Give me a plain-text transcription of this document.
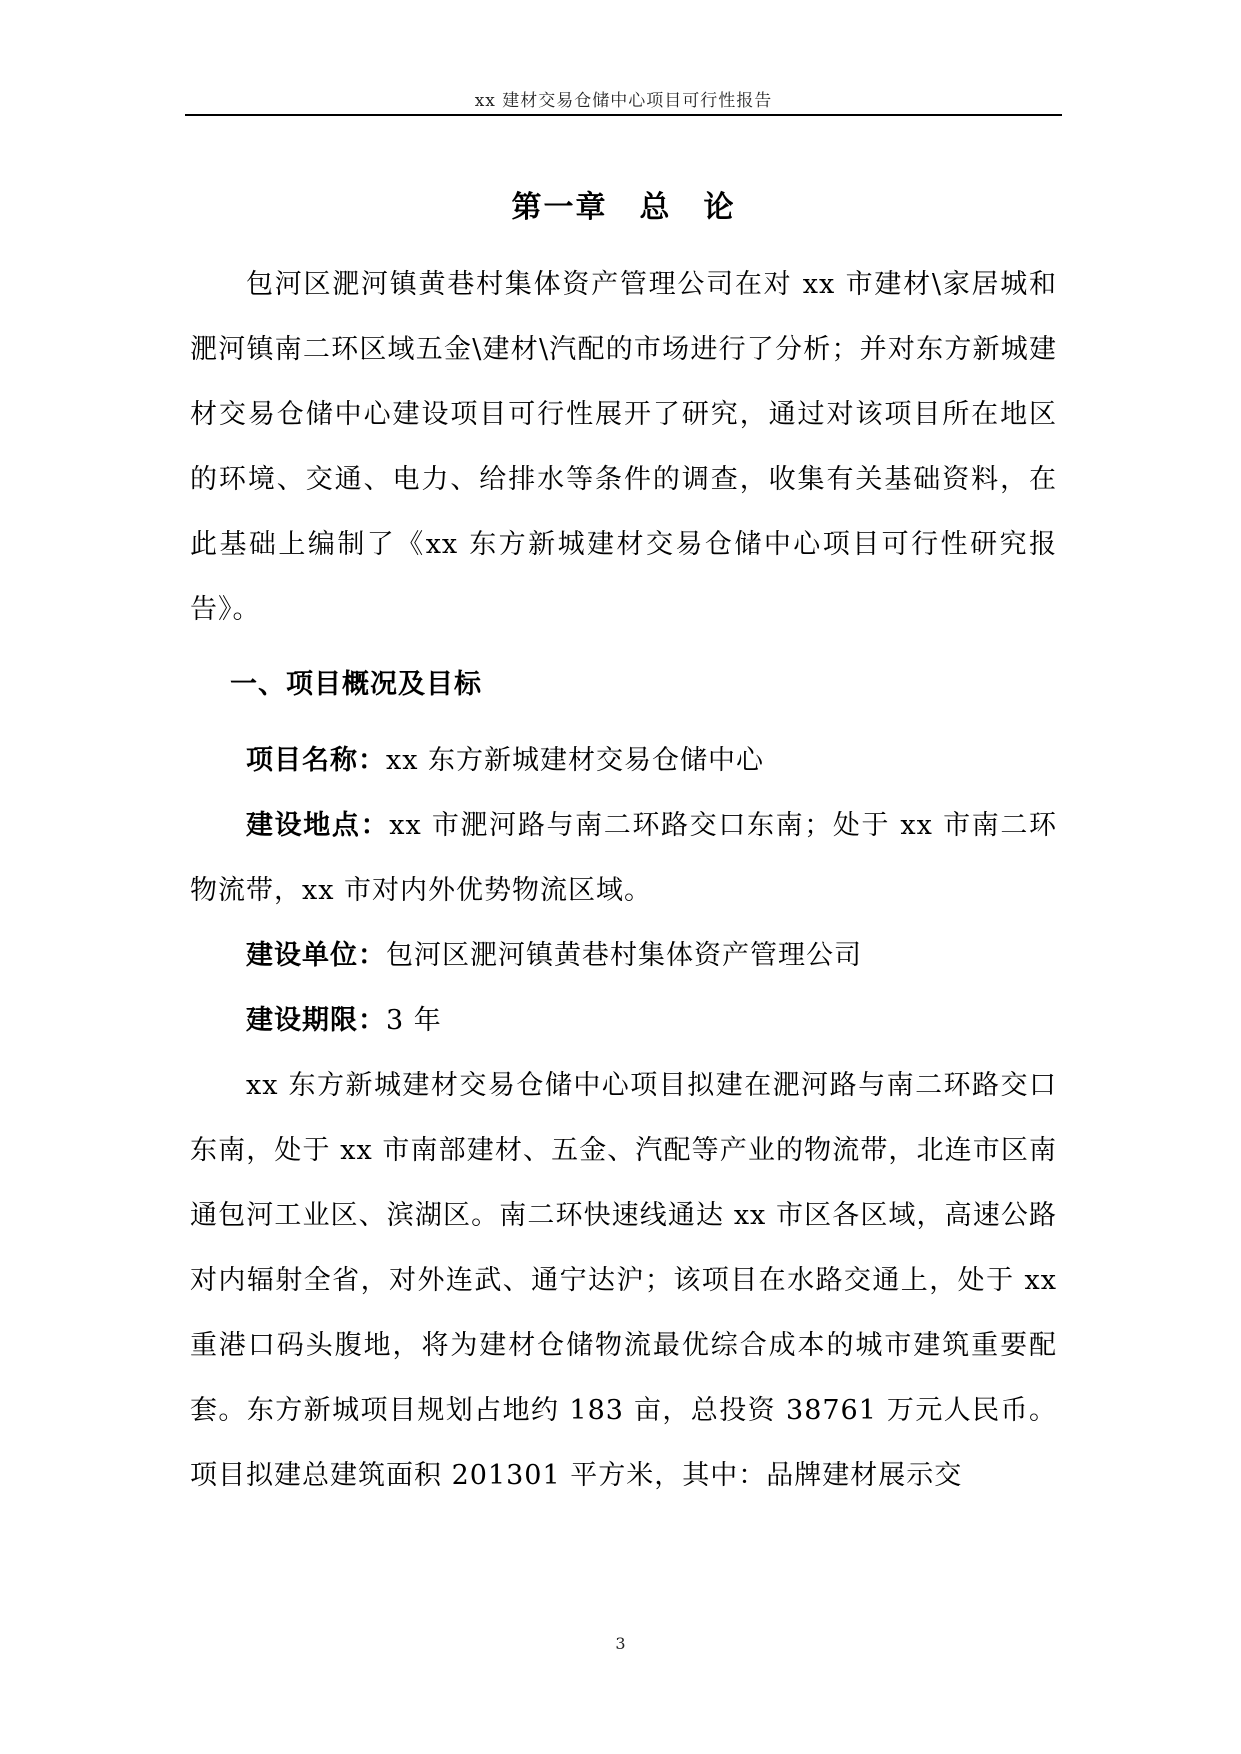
xx 建材交易仓储中心项目可行性报告
第一章　总　论

包河区淝河镇黄巷村集体资产管理公司在对 xx 市建材\家居城和淝河镇南二环区域五金\建材\汽配的市场进行了分析；并对东方新城建材交易仓储中心建设项目可行性展开了研究，通过对该项目所在地区的环境、交通、电力、给排水等条件的调查，收集有关基础资料，在此基础上编制了《xx 东方新城建材交易仓储中心项目可行性研究报告》。

一、项目概况及目标

项目名称：xx 东方新城建材交易仓储中心

建设地点：xx 市淝河路与南二环路交口东南；处于 xx 市南二环物流带，xx 市对内外优势物流区域。

建设单位：包河区淝河镇黄巷村集体资产管理公司

建设期限：3 年

xx 东方新城建材交易仓储中心项目拟建在淝河路与南二环路交口东南，处于 xx 市南部建材、五金、汽配等产业的物流带，北连市区南通包河工业区、滨湖区。南二环快速线通达 xx 市区各区域，高速公路对内辐射全省，对外连武、通宁达沪；该项目在水路交通上，处于 xx 重港口码头腹地，将为建材仓储物流最优综合成本的城市建筑重要配套。东方新城项目规划占地约 183 亩，总投资 38761 万元人民币。项目拟建总建筑面积 201301 平方米，其中：品牌建材展示交

3
